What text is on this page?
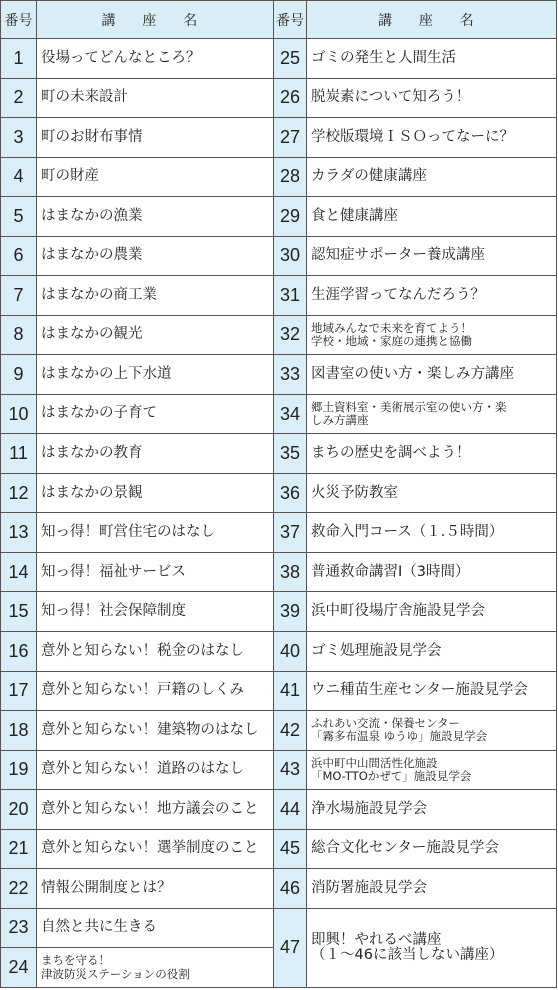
番号	講 座 名	番号	講 座 名
1	役場ってどんなところ？	25	ゴミの発生と人間生活
2	町の未来設計	26	脱炭素について知ろう！
3	町のお財布事情	27	学校版環境ＩＳＯってなーに？
4	町の財産	28	カラダの健康講座
5	はまなかの漁業	29	食と健康講座
6	はまなかの農業	30	認知症サポーター養成講座
7	はまなかの商工業	31	生涯学習ってなんだろう？
8	はまなかの観光	32	地域みんなで未来を育てよう！
学校・地域・家庭の連携と協働

9	はまなかの上下水道	33	図書室の使い方・楽しみ方講座
10	はまなかの子育て	34	郷土資料室・美術展示室の使い方・楽
しみ方講座

11	はまなかの教育	35	まちの歴史を調べよう！
12	はまなかの景観	36	火災予防教室
13	知っ得！町営住宅のはなし	37	救命入門コース（１.５時間）
14	知っ得！福祉サービス	38	普通救命講習Ⅰ（3時間）
15	知っ得！社会保障制度	39	浜中町役場庁舎施設見学会
16	意外と知らない！税金のはなし	40	ゴミ処理施設見学会
17	意外と知らない！戸籍のしくみ	41	ウニ種苗生産センター施設見学会
18	意外と知らない！建築物のはなし	42	ふれあい交流・保養センター
「霧多布温泉 ゆうゆ」施設見学会

19	意外と知らない！道路のはなし	43	浜中町中山間活性化施設
「MO-TTOかぜて」施設見学会

20	意外と知らない！地方議会のこと	44	浄水場施設見学会
21	意外と知らない！選挙制度のこと	45	総合文化センター施設見学会
22	情報公開制度とは？	46	消防署施設見学会
23	自然と共に生きる	47	即興！やれるべ講座
（１～46に該当しない講座）

24	まちを守る！
津波防災ステーションの役割		
